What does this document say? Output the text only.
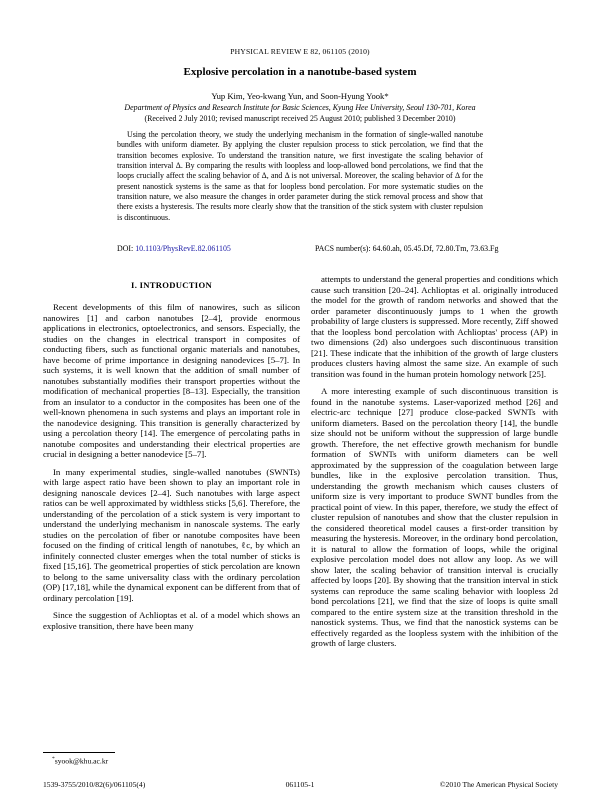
PHYSICAL REVIEW E 82, 061105 (2010)
Explosive percolation in a nanotube-based system
Yup Kim, Yeo-kwang Yun, and Soon-Hyung Yook*
Department of Physics and Research Institute for Basic Sciences, Kyung Hee University, Seoul 130-701, Korea
(Received 2 July 2010; revised manuscript received 25 August 2010; published 3 December 2010)
Using the percolation theory, we study the underlying mechanism in the formation of single-walled nanotube bundles with uniform diameter. By applying the cluster repulsion process to stick percolation, we find that the transition becomes explosive. To understand the transition nature, we first investigate the scaling behavior of transition interval Δ. By comparing the results with loopless and loop-allowed bond percolations, we find that the loops crucially affect the scaling behavior of Δ, and Δ is not universal. Moreover, the scaling behavior of Δ for the present nanostick systems is the same as that for loopless bond percolation. For more systematic studies on the transition nature, we also measure the changes in order parameter during the stick removal process and show that there exists a hysteresis. The results more clearly show that the transition of the stick system with cluster repulsion is discontinuous.
DOI: 10.1103/PhysRevE.82.061105	PACS number(s): 64.60.ah, 05.45.Df, 72.80.Tm, 73.63.Fg
I. INTRODUCTION

Recent developments of this film of nanowires, such as silicon nanowires [1] and carbon nanotubes [2–4], provide enormous applications in electronics, optoelectronics, and sensors. Especially, the studies on the changes in electrical transport in composites of conducting fibers, such as functional organic materials and nanotubes, have become of prime importance in designing nanodevices [5–7]. In such systems, it is well known that the addition of small number of nanotubes substantially modifies their transport properties without the modification of mechanical properties [8–13]. Especially, the transition from an insulator to a conductor in the composites has been one of the well-known phenomena in such systems and plays an important role in the nanodevice designing. This transition is generally characterized by using a percolation theory [14]. The emergence of percolating paths in nanotube composites and understanding their electrical properties are crucial in designing a better nanodevice [5–7].

In many experimental studies, single-walled nanotubes (SWNTs) with large aspect ratio have been shown to play an important role in designing nanoscale devices [2–4]. Such nanotubes with large aspect ratios can be well approximated by widthless sticks [5,6]. Therefore, the understanding of the percolation of a stick system is very important to understand the underlying mechanism in nanoscale systems. The early studies on the percolation of fiber or nanotube composites have been focused on the finding of critical length of nanotubes, ℓc, by which an infinitely connected cluster emerges when the total number of sticks is fixed [15,16]. The geometrical properties of stick percolation are known to belong to the same universality class with the ordinary percolation (OP) [17,18], while the dynamical exponent can be different from that of ordinary percolation [19].

Since the suggestion of Achlioptas et al. of a model which shows an explosive transition, there have been many

attempts to understand the general properties and conditions which cause such transition [20–24]. Achlioptas et al. originally introduced the model for the growth of random networks and showed that the order parameter discontinuously jumps to 1 when the growth probability of large clusters is suppressed. More recently, Ziff showed that the loopless bond percolation with Achlioptas' process (AP) in two dimensions (2d) also undergoes such discontinuous transition [21]. These indicate that the inhibition of the growth of large clusters produces clusters having almost the same size. An example of such transition was found in the human protein homology network [25].

A more interesting example of such discontinuous transition is found in the nanotube systems. Laser-vaporized method [26] and electric-arc technique [27] produce close-packed SWNTs with uniform diameters. Based on the percolation theory [14], the bundle size should not be uniform without the suppression of large bundle growth. Therefore, the net effective growth mechanism for bundle formation of SWNTs with uniform diameters can be well approximated by the suppression of the coagulation between large bundles, like in the explosive percolation transition. Thus, understanding the growth mechanism which causes clusters of uniform size is very important to produce SWNT bundles from the practical point of view. In this paper, therefore, we study the effect of cluster repulsion of nanotubes and show that the cluster repulsion in the considered theoretical model causes a first-order transition by measuring the hysteresis. Moreover, in the ordinary bond percolation, it is natural to allow the formation of loops, while the original explosive percolation model does not allow any loop. As we will show later, the scaling behavior of transition interval is crucially affected by loops [20]. By showing that the transition interval in stick systems can reproduce the same scaling behavior with loopless 2d bond percolations [21], we find that the size of loops is quite small compared to the entire system size at the transition threshold in the nanostick systems. Thus, we find that the nanostick systems can be effectively regarded as the loopless system with the inhibition of the growth of large clusters.

*syook@khu.ac.kr
1539-3755/2010/82(6)/061105(4)	061105-1	©2010 The American Physical Society
